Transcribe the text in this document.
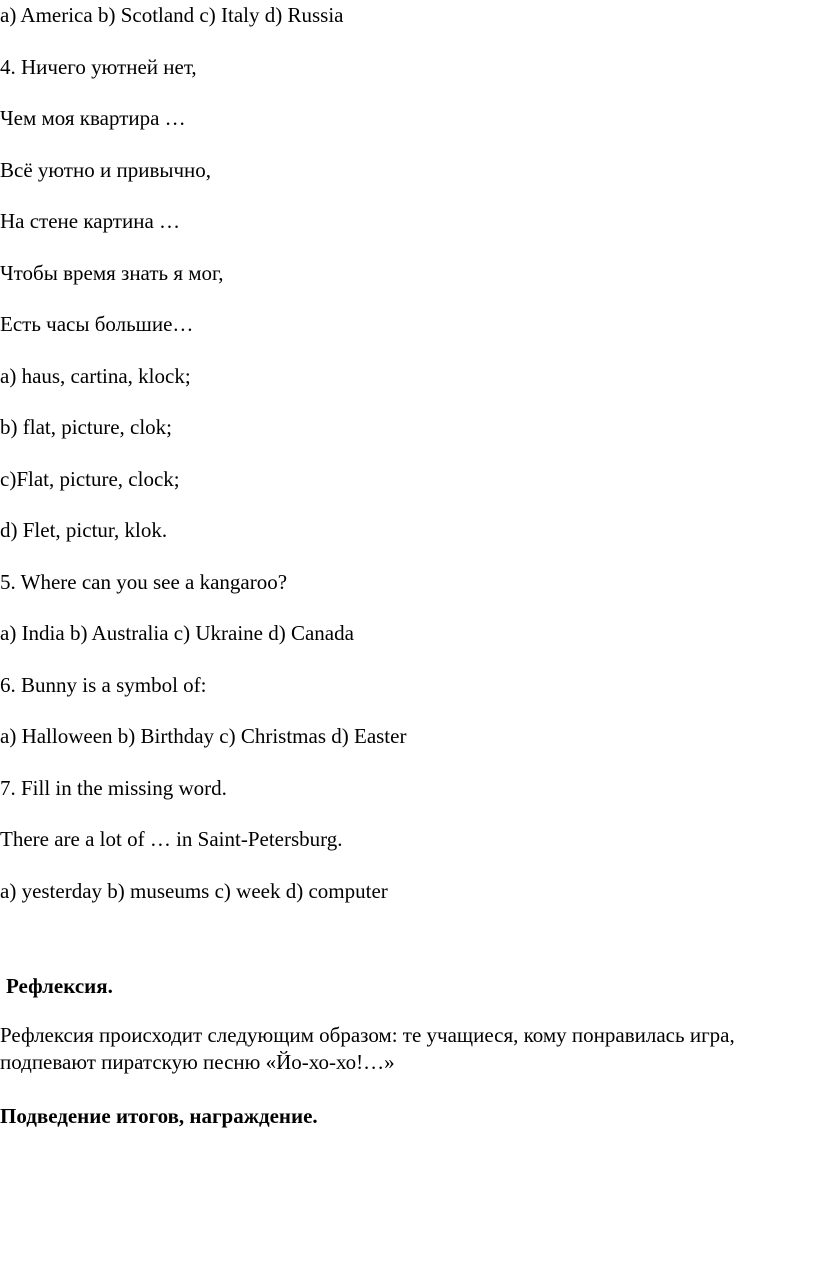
a) America b) Scotland c) Italy d) Russia

4. Ничего уютней нет,

Чем моя квартира …

Всё уютно и привычно,

На стене картина …

Чтобы время знать я мог,

Есть часы большие…

a) haus, cartina, klock;

b) flat, picture, clok;

c)Flat, picture, clock;

d) Flet, pictur, klok.

5. Where can you see a kangaroo?

a) India b) Australia c) Ukraine d) Canada

6. Bunny is a symbol of:

a) Halloween b) Birthday c) Christmas d) Easter

7. Fill in the missing word.

There are a lot of … in Saint-Petersburg.

a) yesterday b) museums c) week d) computer

Рефлексия.

Рефлексия происходит следующим образом: те учащиеся, кому понравилась игра, подпевают пиратскую песню «Йо-хо-хо!…»

Подведение итогов, награждение.
